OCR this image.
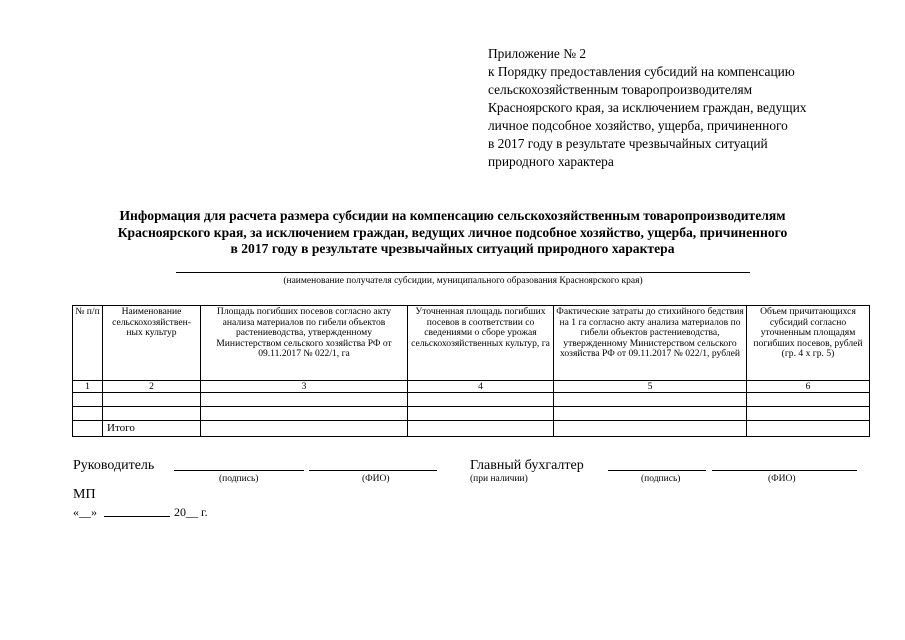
Приложение № 2
к Порядку предоставления субсидий на компенсацию
сельскохозяйственным товаропроизводителям
Красноярского края, за исключением граждан, ведущих
личное подсобное хозяйство, ущерба, причиненного
в 2017 году в результате чрезвычайных ситуаций
природного характера
Информация для расчета размера субсидии на компенсацию сельскохозяйственным товаропроизводителям
Красноярского края, за исключением граждан, ведущих личное подсобное хозяйство, ущерба, причиненного
в 2017 году в результате чрезвычайных ситуаций природного характера
(наименование получателя субсидии, муниципального образования Красноярского края)
№ п/п	Наименование сельскохозяйствен-ных культур	Площадь погибших посевов согласно акту анализа материалов по гибели объектов растениеводства, утвержденному Министерством сельского хозяйства РФ от 09.11.2017 № 022/1, га	Уточненная площадь погибших посевов в соответствии со сведениями о сборе урожая сельскохозяйственных культур, га	Фактические затраты до стихийного бедствия на 1 га согласно акту анализа материалов по гибели объектов растениеводства, утвержденному Министерством сельского хозяйства РФ от 09.11.2017 № 022/1, рублей	Объем причитающихся субсидий согласно уточненным площадям погибших посевов, рублей (гр. 4 x гр. 5)
1	2	3	4	5	6

	Итого				
Руководитель
(подпись)	(ФИО)
Главный бухгалтер
(при наличии)	(подпись)	(ФИО)
МП
«__»	20__ г.
